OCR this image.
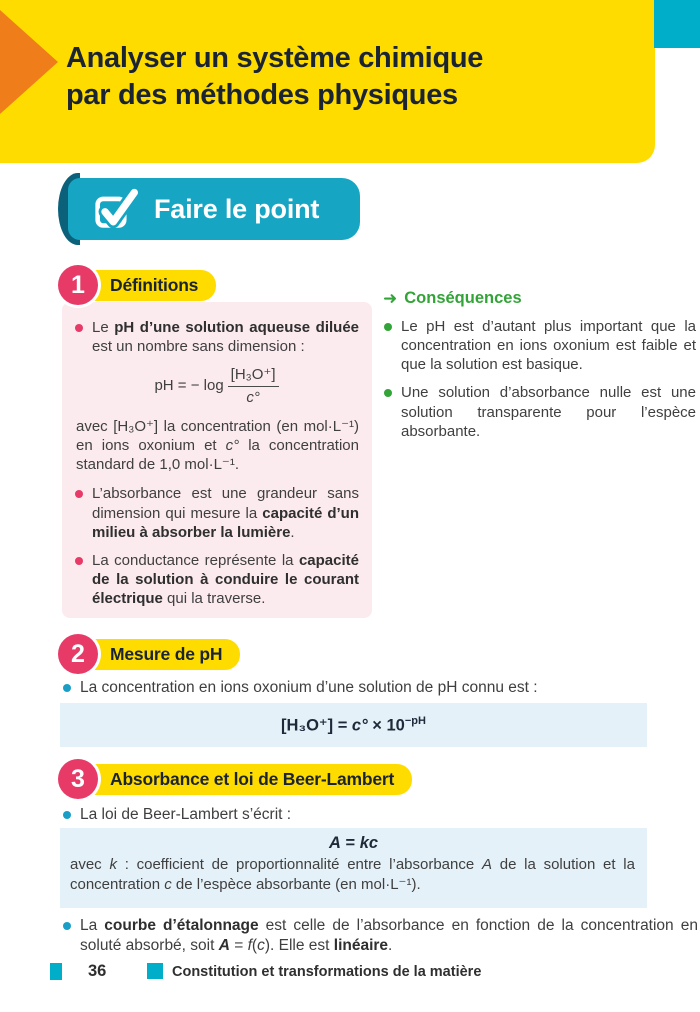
Analyser un système chimique
par des méthodes physiques
Faire le point
1	Définitions
Le pH d’une solution aqueuse diluée est un nombre sans dimension :
pH = − $\log \frac{\text{[H₃O⁺]}}{c^\circ}$
avec [H₃O⁺] la concentration (en mol·L⁻¹) en ions oxonium et c° la concentration standard de 1,0 mol·L⁻¹.
L’absorbance est une grandeur sans dimension qui mesure la capacité d’un milieu à absorber la lumière.
La conductance représente la capacité de la solution à conduire le courant électrique qui la traverse.
➜ Conséquences
Le pH est d’autant plus important que la concentration en ions oxonium est faible et que la solution est basique.
Une solution d’absorbance nulle est une solution transparente pour l’espèce absorbante.
2	Mesure de pH
La concentration en ions oxonium d’une solution de pH connu est :
$[H_3O^+] = c^\circ \times 10^{-pH}$
3	Absorbance et loi de Beer-Lambert
La loi de Beer-Lambert s’écrit :
A = kc
avec k : coefficient de proportionnalité entre l’absorbance A de la solution et la concentration c de l’espèce absorbante (en mol·L⁻¹).
La courbe d’étalonnage est celle de l’absorbance en fonction de la concentration en soluté absorbé, soit A = f(c). Elle est linéaire.
36	Constitution et transformations de la matière
